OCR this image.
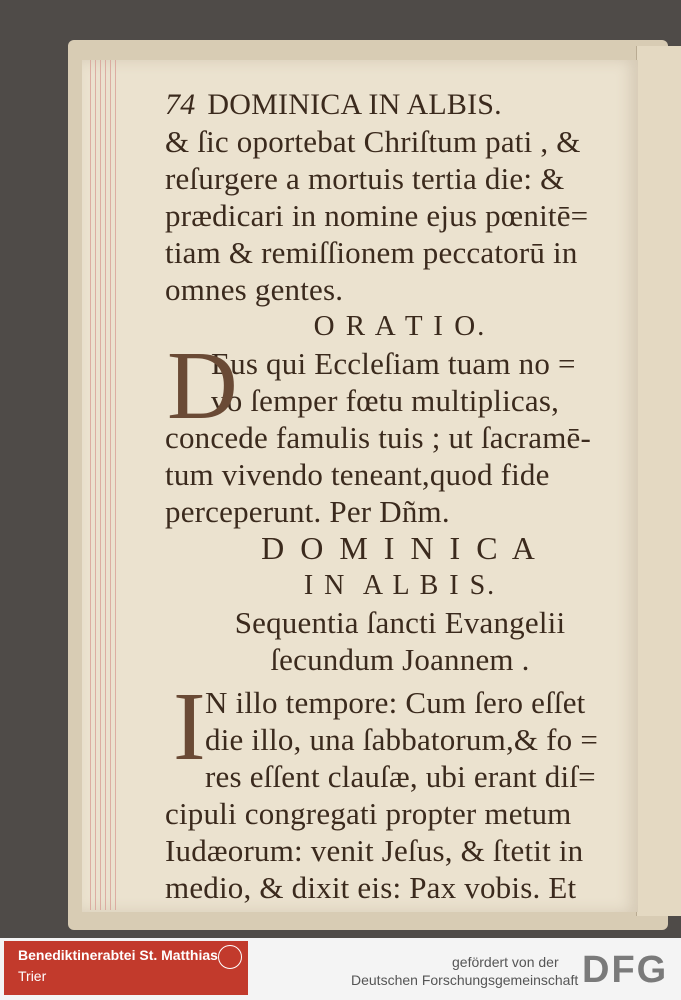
74 DOMINICA IN ALBIS.
& ſic oportebat Chriſtum pati , &
reſurgere a mortuis tertia die: &
prædicari in nomine ejus pœnitē=
tiam & remiſſionem peccatorū in
omnes gentes.
O R A T I O.
D
Eus qui Eccleſiam tuam no =
vo ſemper fœtu multiplicas,
concede famulis tuis ; ut ſacramē-
tum vivendo teneant,quod fide
perceperunt. Per Dñm.
D O M I N I C A
I N  A L B I S.
Sequentia ſancti Evangelii
ſecundum Joannem .
I N illo tempore: Cum ſero eſſet
die illo, una ſabbatorum,& fo =
res eſſent clauſæ, ubi erant diſ=
cipuli congregati propter metum
Iudæorum: venit Jeſus, & ſtetit in
medio, & dixit eis: Pax vobis. Et
Benediktinerabtei St. Matthias
Trier
gefördert von der
Deutschen Forschungsgemeinschaft DFG
